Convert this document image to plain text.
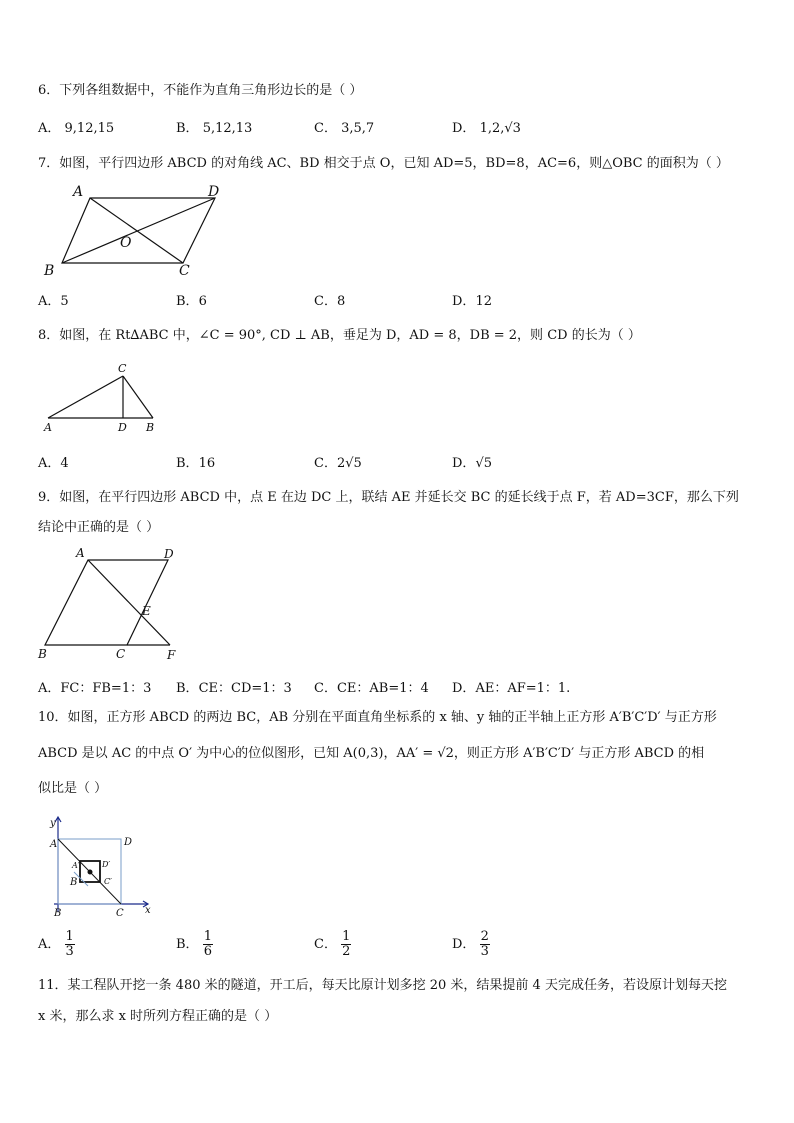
6．下列各组数据中，不能作为直角三角形边长的是（ ）
A． 9,12,15	B． 5,12,13	C． 3,5,7	D． 1,2,√3
7．如图，平行四边形 ABCD 的对角线 AC、BD 相交于点 O，已知 AD=5，BD=8，AC=6，则△OBC 的面积为（ ）
A	D
O
B	C
A．5	B．6	C．8	D．12
8．如图，在 Rt∆ABC 中，∠C = 90°, CD ⊥ AB，垂足为 D，AD = 8，DB = 2，则 CD 的长为（ ）
C
A	D B
A．4	B．16	C．2√5	D．√5
9．如图，在平行四边形 ABCD 中，点 E 在边 DC 上，联结 AE 并延长交 BC 的延长线于点 F，若 AD=3CF，那么下列
结论中正确的是（ ）
A	D
E
B	C	F
A．FC：FB=1：3 B．CE：CD=1：3 C．CE：AB=1：4 D．AE：AF=1：1.
10．如图，正方形 ABCD 的两边 BC，AB 分别在平面直角坐标系的 x 轴、y 轴的正半轴上正方形 A′B′C′D′ 与正方形
ABCD 是以 AC 的中点 O′ 为中心的位似图形，已知 A(0,3)，AA′ = √2，则正方形 A′B′C′D′ 与正方形 ABCD 的相
似比是（ ）
y
x
A	D
B
B	C
A′	D′
C′
A． $\frac{1}{3}$	B． $\frac{1}{6}$	C． $\frac{1}{2}$	D． $\frac{2}{3}$
11．某工程队开挖一条 480 米的隧道，开工后，每天比原计划多挖 20 米，结果提前 4 天完成任务，若设原计划每天挖
x 米，那么求 x 时所列方程正确的是（ ）
